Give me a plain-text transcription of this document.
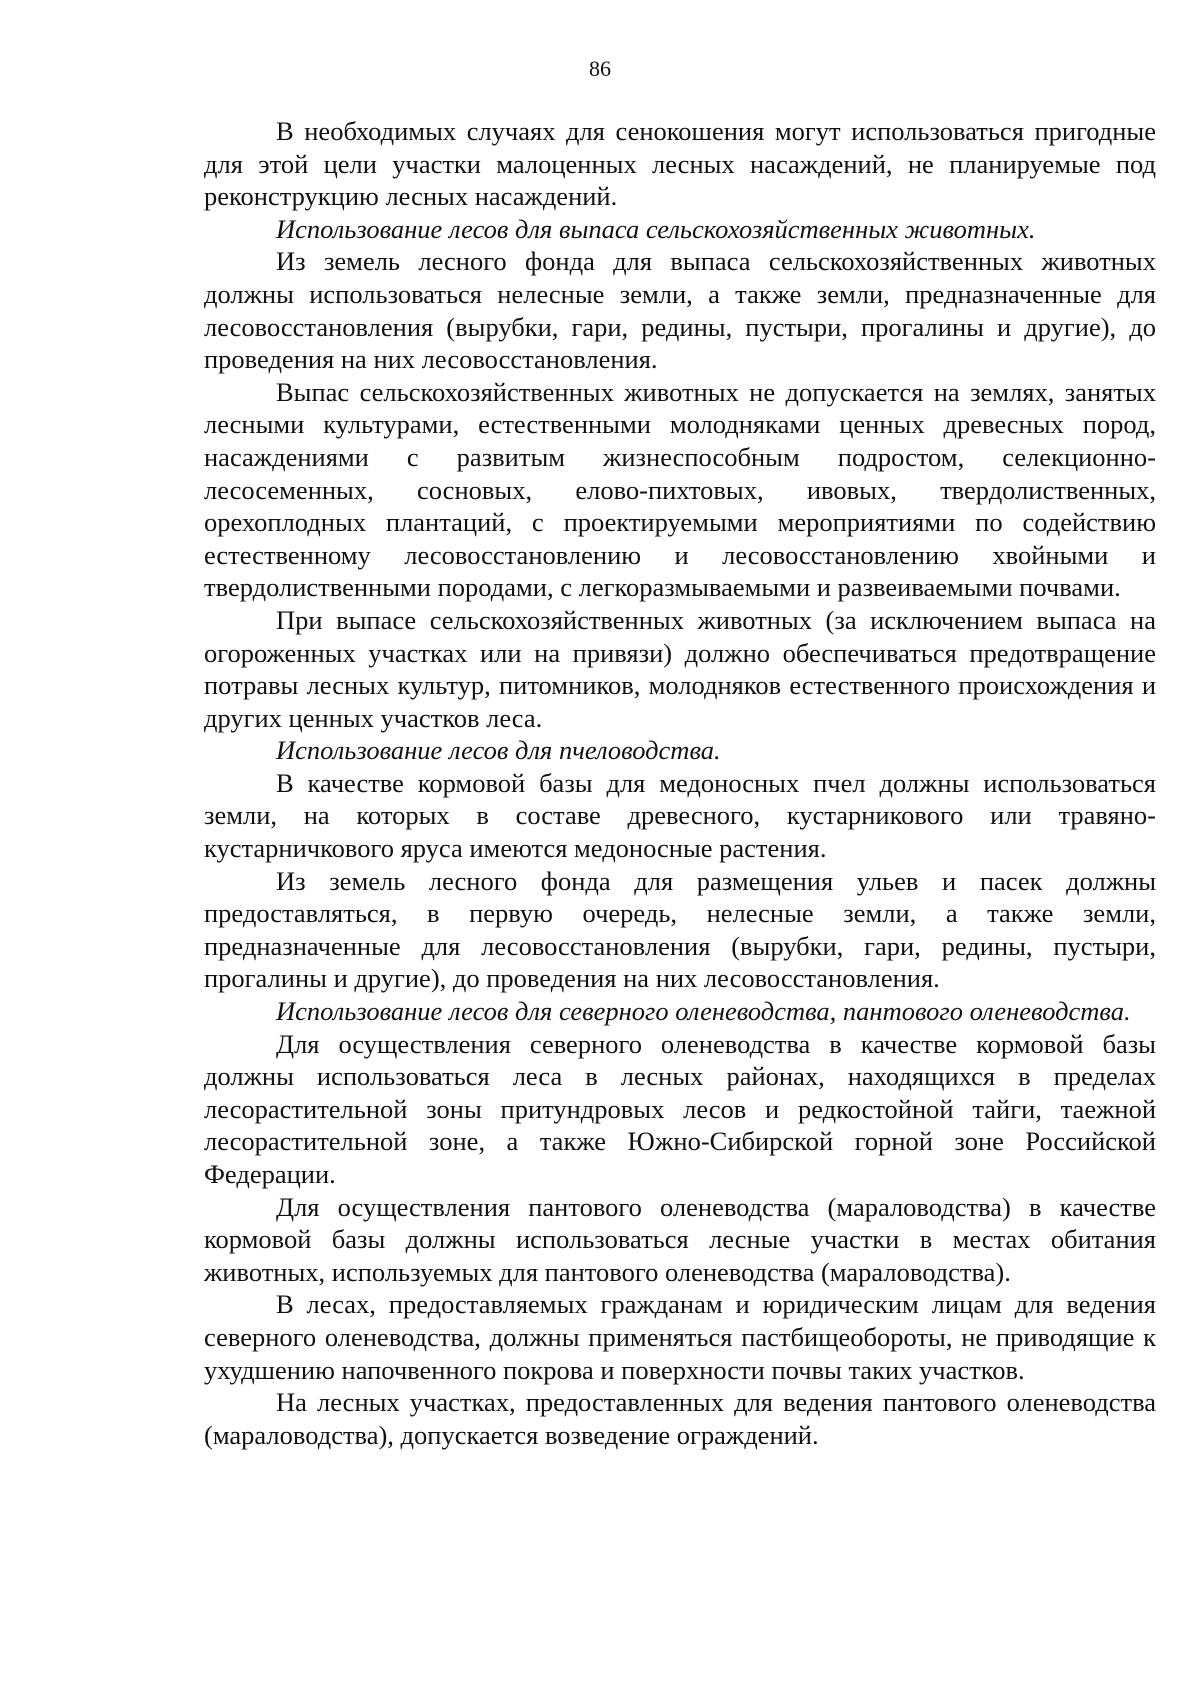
86

В необходимых случаях для сенокошения могут использоваться пригодные для этой цели участки малоценных лесных насаждений, не планируемые под реконструкцию лесных насаждений.

Использование лесов для выпаса сельскохозяйственных животных.

Из земель лесного фонда для выпаса сельскохозяйственных животных должны использоваться нелесные земли, а также земли, предназначенные для лесовосстановления (вырубки, гари, редины, пустыри, прогалины и другие), до проведения на них лесовосстановления.

Выпас сельскохозяйственных животных не допускается на землях, занятых лесными культурами, естественными молодняками ценных древесных пород, насаждениями с развитым жизнеспособным подростом, селекционно-лесосеменных, сосновых, елово-пихтовых, ивовых, твердолиственных, орехоплодных плантаций, с проектируемыми мероприятиями по содействию естественному лесовосстановлению и лесовосстановлению хвойными и твердолиственными породами, с легкоразмываемыми и развеиваемыми почвами.

При выпасе сельскохозяйственных животных (за исключением выпаса на огороженных участках или на привязи) должно обеспечиваться предотвращение потравы лесных культур, питомников, молодняков естественного происхождения и других ценных участков леса.

Использование лесов для пчеловодства.

В качестве кормовой базы для медоносных пчел должны использоваться земли, на которых в составе древесного, кустарникового или травяно-кустарничкового яруса имеются медоносные растения.

Из земель лесного фонда для размещения ульев и пасек должны предоставляться, в первую очередь, нелесные земли, а также земли, предназначенные для лесовосстановления (вырубки, гари, редины, пустыри, прогалины и другие), до проведения на них лесовосстановления.

Использование лесов для северного оленеводства, пантового оленеводства.

Для осуществления северного оленеводства в качестве кормовой базы должны использоваться леса в лесных районах, находящихся в пределах лесорастительной зоны притундровых лесов и редкостойной тайги, таежной лесорастительной зоне, а также Южно-Сибирской горной зоне Российской Федерации.

Для осуществления пантового оленеводства (мараловодства) в качестве кормовой базы должны использоваться лесные участки в местах обитания животных, используемых для пантового оленеводства (мараловодства).

В лесах, предоставляемых гражданам и юридическим лицам для ведения северного оленеводства, должны применяться пастбищеобороты, не приводящие к ухудшению напочвенного покрова и поверхности почвы таких участков.

На лесных участках, предоставленных для ведения пантового оленеводства (мараловодства), допускается возведение ограждений.
